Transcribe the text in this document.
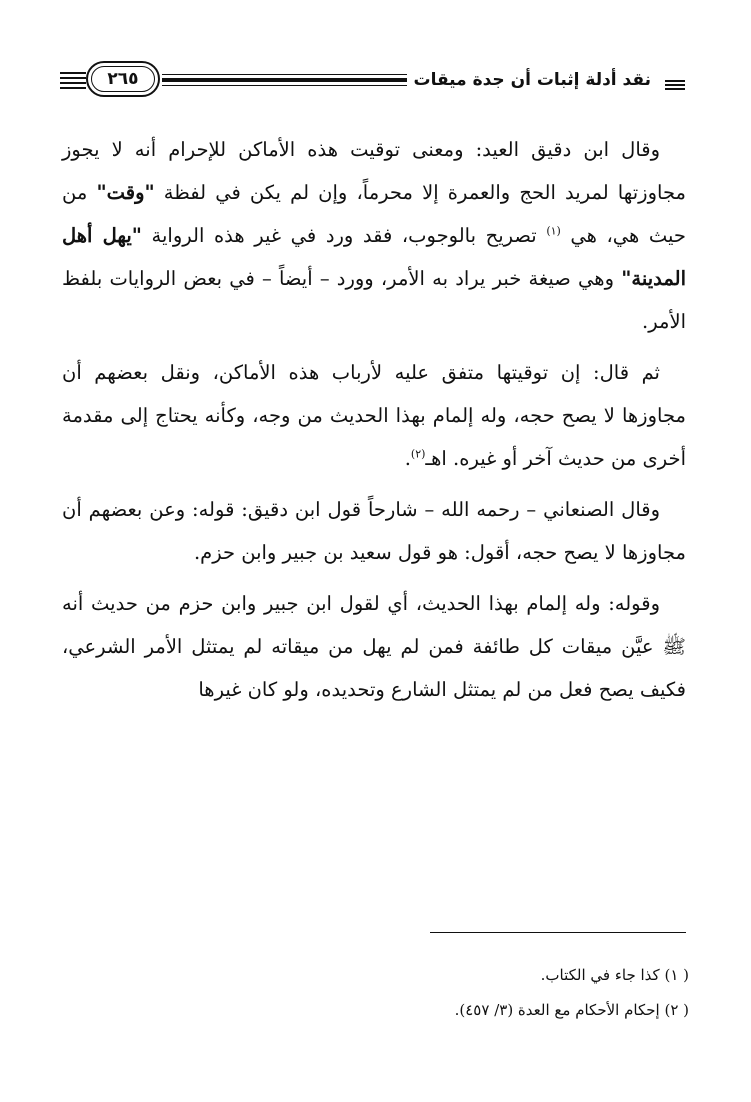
٢٦٥	نقد أدلة إثبات أن جدة ميقات

وقال ابن دقيق العيد: ومعنى توقيت هذه الأماكن للإحرام أنه لا يجوز مجاوزتها لمريد الحج والعمرة إلا محرماً، وإن لم يكن في لفظة "وقت" من حيث هي، هي $^{(١)}$ تصريح بالوجوب، فقد ورد في غير هذه الرواية "يهل أهل المدينة" وهي صيغة خبر يراد به الأمر، وورد – أيضاً – في بعض الروايات بلفظ الأمر.

ثم قال: إن توقيتها متفق عليه لأرباب هذه الأماكن، ونقل بعضهم أن مجاوزها لا يصح حجه، وله إلمام بهذا الحديث من وجه، وكأنه يحتاج إلى مقدمة أخرى من حديث آخر أو غيره. اهـ$^{(٢)}$.

وقال الصنعاني – رحمه الله – شارحاً قول ابن دقيق: قوله: وعن بعضهم أن مجاوزها لا يصح حجه، أقول: هو قول سعيد بن جبير وابن حزم.

وقوله: وله إلمام بهذا الحديث، أي لقول ابن جبير وابن حزم من حديث أنه ﷺ عيَّن ميقات كل طائفة فمن لم يهل من ميقاته لم يمتثل الأمر الشرعي، فكيف يصح فعل من لم يمتثل الشارع وتحديده، ولو كان غيرها

( ١) كذا جاء في الكتاب.
( ٢) إحكام الأحكام مع العدة (٣/ ٤٥٧).
